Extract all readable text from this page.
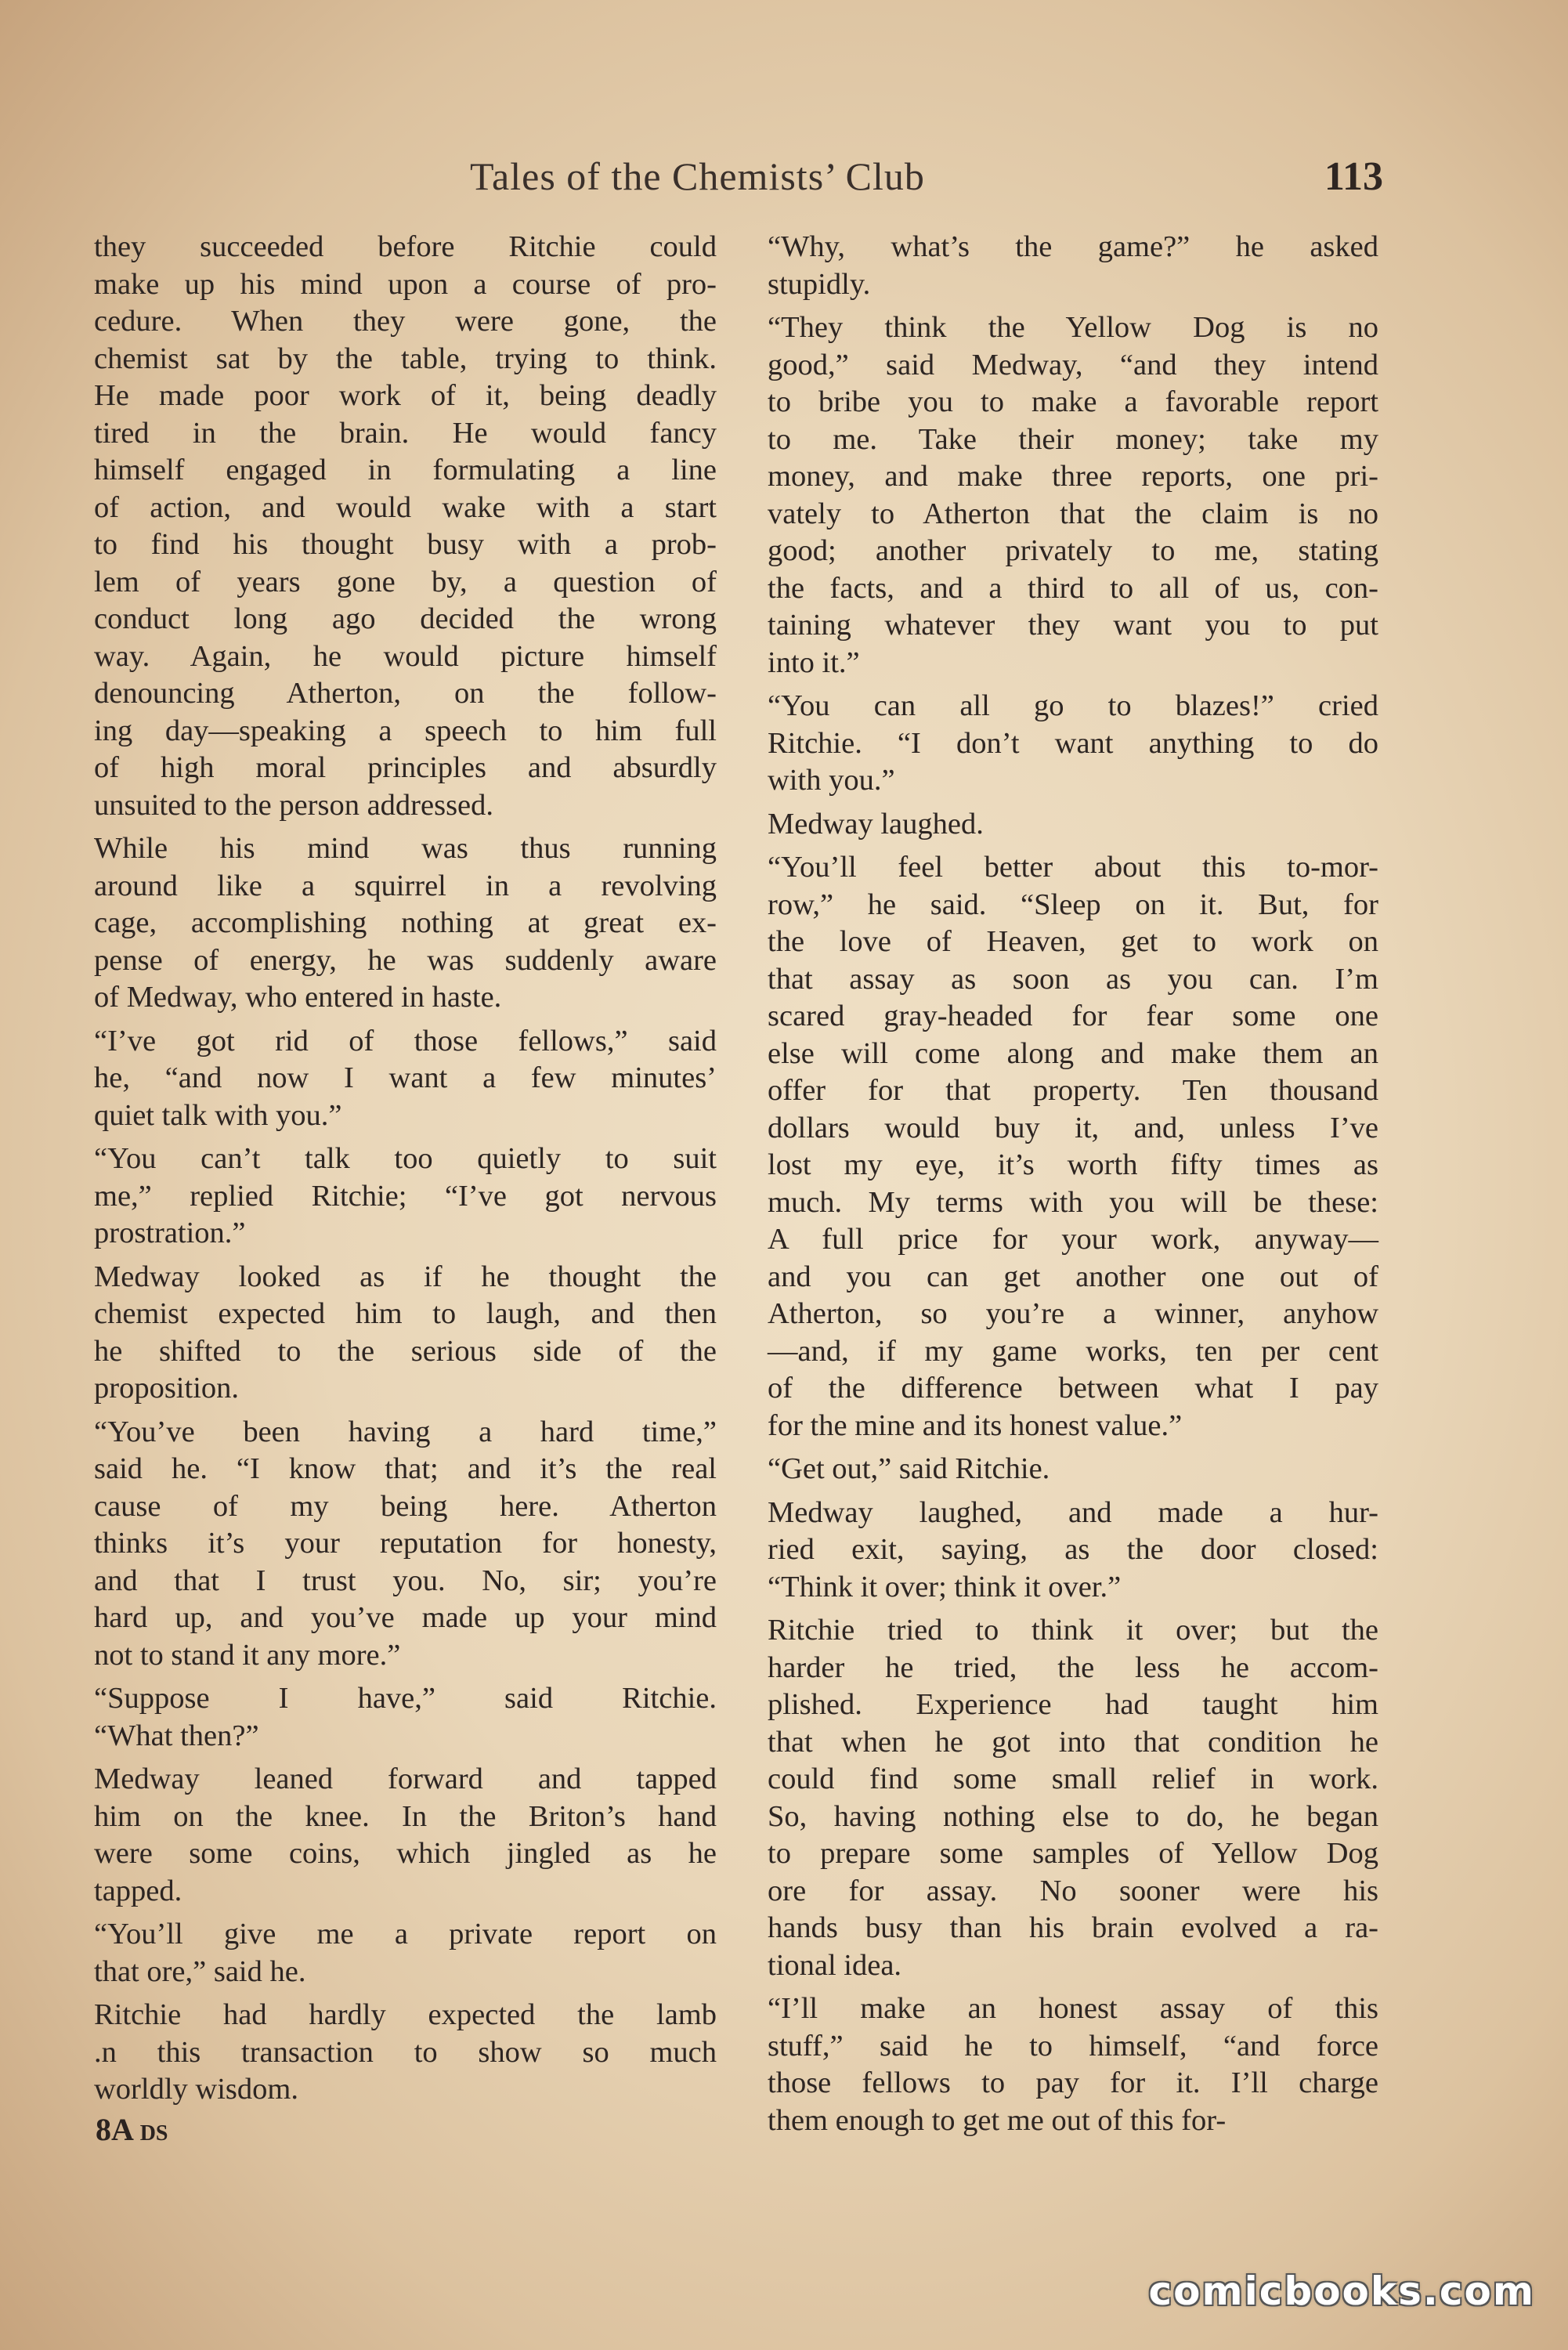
Tales of the Chemists’ Club	113
they succeeded before Ritchie could
make up his mind upon a course of pro-
cedure. When they were gone, the
chemist sat by the table, trying to think.
He made poor work of it, being deadly
tired in the brain. He would fancy
himself engaged in formulating a line
of action, and would wake with a start
to find his thought busy with a prob-
lem of years gone by, a question of
conduct long ago decided the wrong
way. Again, he would picture himself
denouncing Atherton, on the follow-
ing day—speaking a speech to him full
of high moral principles and absurdly
unsuited to the person addressed.
While his mind was thus running
around like a squirrel in a revolving
cage, accomplishing nothing at great ex-
pense of energy, he was suddenly aware
of Medway, who entered in haste.
“I’ve got rid of those fellows,” said
he, “and now I want a few minutes’
quiet talk with you.”
“You can’t talk too quietly to suit
me,” replied Ritchie; “I’ve got nervous
prostration.”
Medway looked as if he thought the
chemist expected him to laugh, and then
he shifted to the serious side of the
proposition.
“You’ve been having a hard time,”
said he. “I know that; and it’s the real
cause of my being here. Atherton
thinks it’s your reputation for honesty,
and that I trust you. No, sir; you’re
hard up, and you’ve made up your mind
not to stand it any more.”
“Suppose I have,” said Ritchie.
“What then?”
Medway leaned forward and tapped
him on the knee. In the Briton’s hand
were some coins, which jingled as he
tapped.
“You’ll give me a private report on
that ore,” said he.
Ritchie had hardly expected the lamb
.n this transaction to show so much
worldly wisdom.
“Why, what’s the game?” he asked
stupidly.
“They think the Yellow Dog is no
good,” said Medway, “and they intend
to bribe you to make a favorable report
to me. Take their money; take my
money, and make three reports, one pri-
vately to Atherton that the claim is no
good; another privately to me, stating
the facts, and a third to all of us, con-
taining whatever they want you to put
into it.”
“You can all go to blazes!” cried
Ritchie. “I don’t want anything to do
with you.”
Medway laughed.
“You’ll feel better about this to-mor-
row,” he said. “Sleep on it. But, for
the love of Heaven, get to work on
that assay as soon as you can. I’m
scared gray-headed for fear some one
else will come along and make them an
offer for that property. Ten thousand
dollars would buy it, and, unless I’ve
lost my eye, it’s worth fifty times as
much. My terms with you will be these:
A full price for your work, anyway—
and you can get another one out of
Atherton, so you’re a winner, anyhow
—and, if my game works, ten per cent
of the difference between what I pay
for the mine and its honest value.”
“Get out,” said Ritchie.
Medway laughed, and made a hur-
ried exit, saying, as the door closed:
“Think it over; think it over.”
Ritchie tried to think it over; but the
harder he tried, the less he accom-
plished. Experience had taught him
that when he got into that condition he
could find some small relief in work.
So, having nothing else to do, he began
to prepare some samples of Yellow Dog
ore for assay. No sooner were his
hands busy than his brain evolved a ra-
tional idea.
“I’ll make an honest assay of this
stuff,” said he to himself, “and force
those fellows to pay for it. I’ll charge
them enough to get me out of this for-
8A DS
comicbooks.com
